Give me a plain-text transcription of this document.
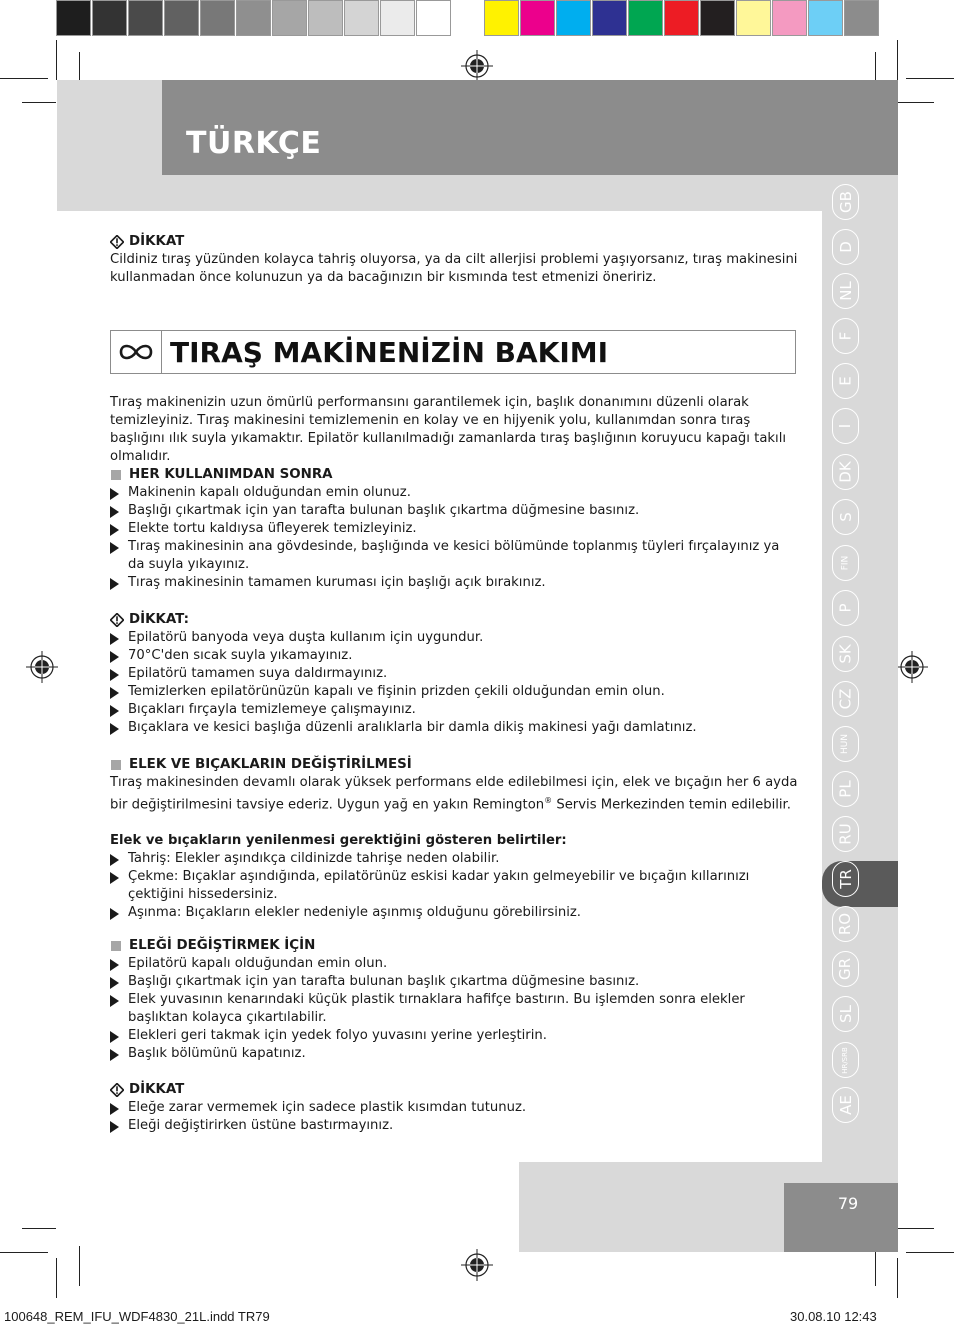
TÜRKÇE
GB
D
NL
F
E
I
DK
S
FIN
P
SK
CZ
HUN
PL
RU
TR
RO
GR
SL
HR/SRB
AE
79
DİKKAT

Cildiniz tıraş yüzünden kolayca tahriş oluyorsa, ya da cilt allerjisi problemi yaşıyorsanız, tıraş makinesini kullanmadan önce kolunuzun ya da bacağınızın bir kısmında test etmenizi öneririz.

TIRAŞ MAKİNENİZİN BAKIMI

Tıraş makinenizin uzun ömürlü performansını garantilemek için, başlık donanımını düzenli olarak temizleyiniz. Tıraş makinesini temizlemenin en kolay ve en hijyenik yolu, kullanımdan sonra tıraş başlığını ılık suyla yıkamaktır. Epilatör kullanılmadığı zamanlarda tıraş başlığının koruyucu kapağı takılı olmalıdır.

HER KULLANIMDAN SONRA
Makinenin kapalı olduğundan emin olunuz.
Başlığı çıkartmak için yan tarafta bulunan başlık çıkartma düğmesine basınız.
Elekte tortu kaldıysa üfleyerek temizleyiniz.
Tıraş makinesinin ana gövdesinde, başlığında ve kesici bölümünde toplanmış tüyleri fırçalayınız ya da suyla yıkayınız.
Tıraş makinesinin tamamen kuruması için başlığı açık bırakınız.
DİKKAT:
Epilatörü banyoda veya duşta kullanım için uygundur.
70°C'den sıcak suyla yıkamayınız.
Epilatörü tamamen suya daldırmayınız.
Temizlerken epilatörünüzün kapalı ve fişinin prizden çekili olduğundan emin olun.
Bıçakları fırçayla temizlemeye çalışmayınız.
Bıçaklara ve kesici başlığa düzenli aralıklarla bir damla dikiş makinesi yağı damlatınız.
ELEK VE BIÇAKLARIN DEĞİŞTİRİLMESİ

Tıraş makinesinden devamlı olarak yüksek performans elde edilebilmesi için, elek ve bıçağın her 6 ayda bir değiştirilmesini tavsiye ederiz. Uygun yağ en yakın Remington® Servis Merkezinden temin edilebilir.

Elek ve bıçakların yenilenmesi gerektiğini gösteren belirtiler:

Tahriş: Elekler aşındıkça cildinizde tahrişe neden olabilir.
Çekme: Bıçaklar aşındığında, epilatörünüz eskisi kadar yakın gelmeyebilir ve bıçağın kıllarınızı çektiğini hissedersiniz.
Aşınma: Bıçakların elekler nedeniyle aşınmış olduğunu görebilirsiniz.
ELEĞİ DEĞİŞTİRMEK İÇİN
Epilatörü kapalı olduğundan emin olun.
Başlığı çıkartmak için yan tarafta bulunan başlık çıkartma düğmesine basınız.
Elek yuvasının kenarındaki küçük plastik tırnaklara hafifçe bastırın. Bu işlemden sonra elekler başlıktan kolayca çıkartılabilir.
Elekleri geri takmak için yedek folyo yuvasını yerine yerleştirin.
Başlık bölümünü kapatınız.
DİKKAT
Eleğe zarar vermemek için sadece plastik kısımdan tutunuz.
Eleği değiştirirken üstüne bastırmayınız.
100648_REM_IFU_WDF4830_21L.indd TR79	30.08.10 12:43
